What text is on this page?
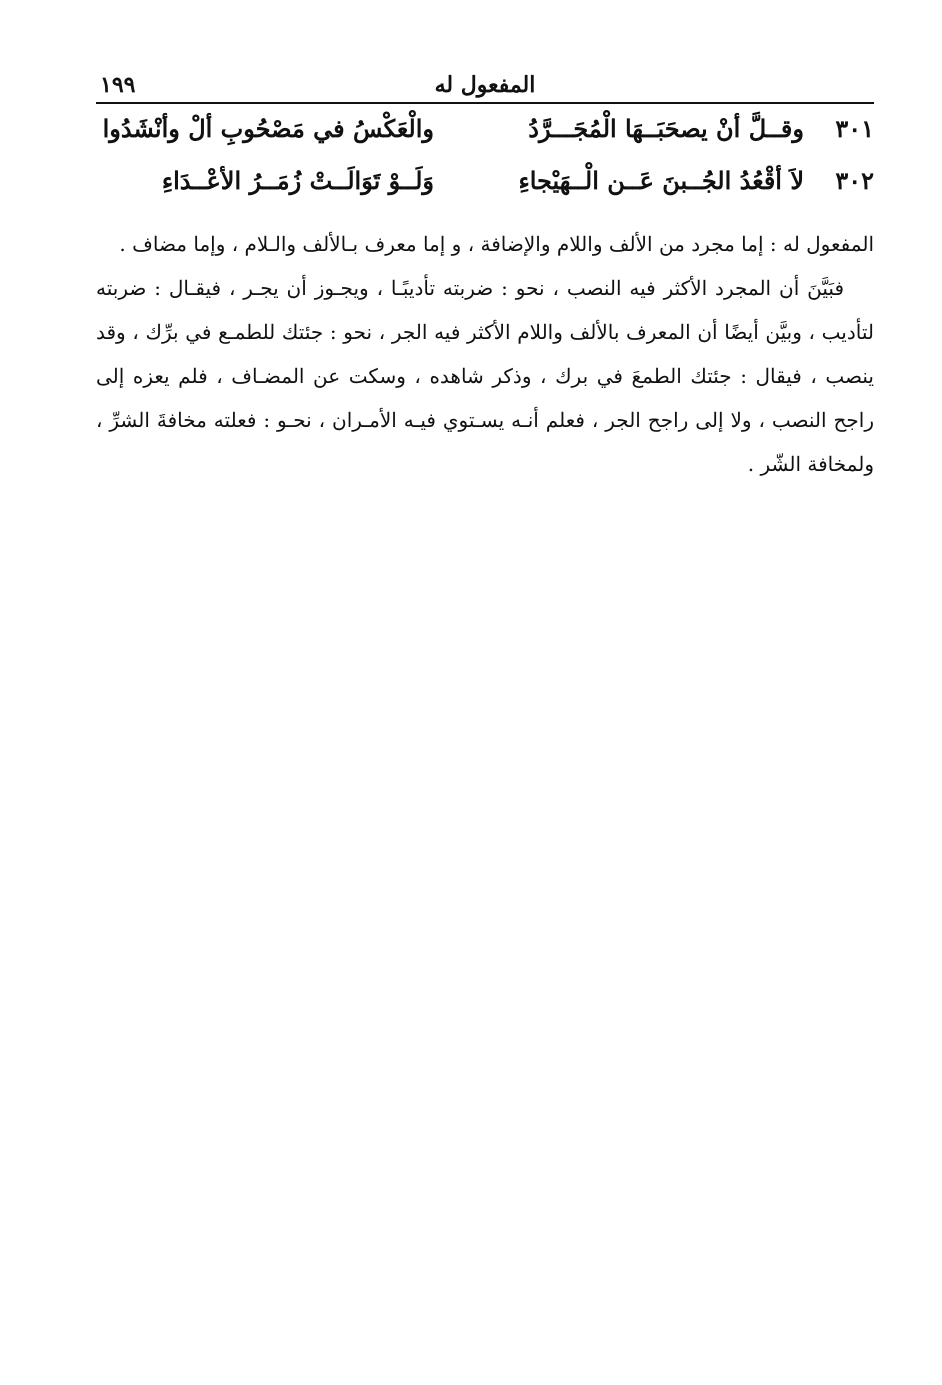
المفعول له
١٩٩
٣٠١
وقــلَّ أنْ يصحَبَــهَا الْمُجَـــرَّدُ
والْعَكْسُ في مَصْحُوبِ ألْ وأنْشَدُوا
٣٠٢
لاَ أقْعُدُ الجُــبنَ عَــن الْــهَيْجاءِ
وَلَــوْ تَوَالَــتْ زُمَــرُ الأعْــدَاءِ

المفعول له : إما مجرد من الألف واللام والإضافة ، و إما معرف بـالألف والـلام ، وإما مضاف .

فبَيَّنَ أن المجرد الأكثر فيه النصب ، نحو : ضربته تأديبًـا ، ويجـوز أن يجـر ، فيقـال : ضربته لتأديب ، وبيَّن أيضًا أن المعرف بالألف واللام الأكثر فيه الجر ، نحو : جئتك للطمـع في برِّك ، وقد ينصب ، فيقال : جئتك الطمعَ في برك ، وذكر شاهده ، وسكت عن المضـاف ، فلم يعزه إلى راجح النصب ، ولا إلى راجح الجر ، فعلم أنـه يسـتوي فيـه الأمـران ، نحـو : فعلته مخافةَ الشرِّ ، ولمخافة الشّر .
